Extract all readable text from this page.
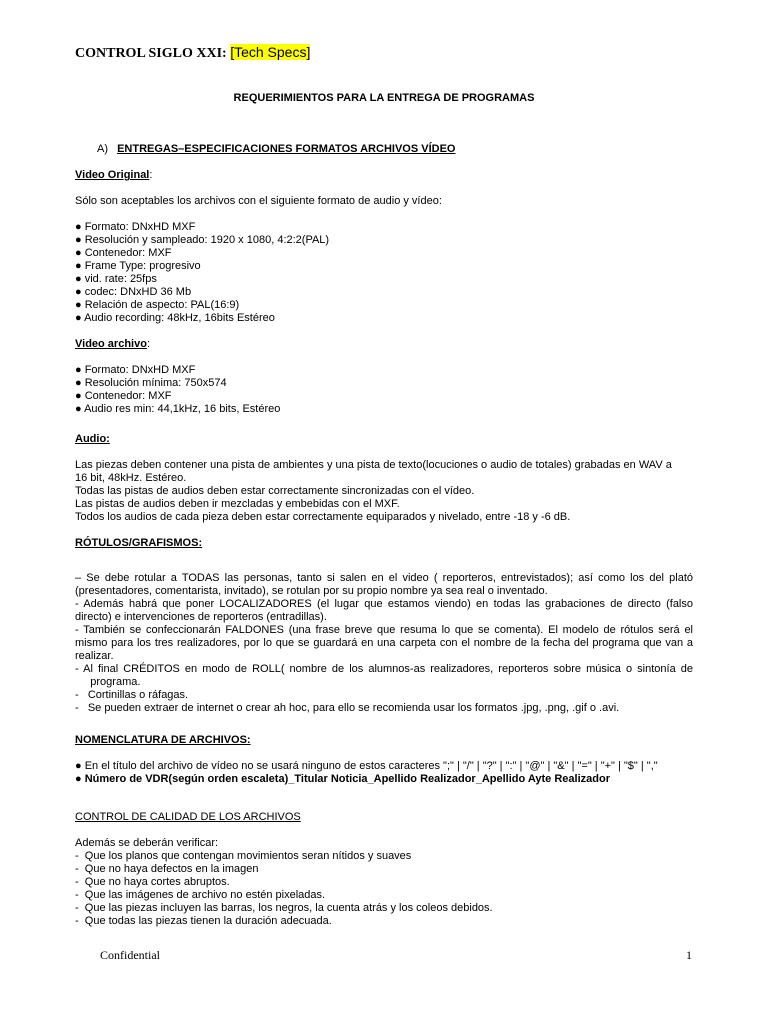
CONTROL SIGLO XXI: [Tech Specs]
REQUERIMIENTOS PARA LA ENTREGA DE PROGRAMAS
A) ENTREGAS–ESPECIFICACIONES FORMATOS ARCHIVOS VÍDEO
Video Original:
Sólo son aceptables los archivos con el siguiente formato de audio y vídeo:
● Formato: DNxHD MXF
● Resolución y sampleado: 1920 x 1080, 4:2:2(PAL)
● Contenedor: MXF
● Frame Type: progresivo
● vid. rate: 25fps
● codec: DNxHD 36 Mb
● Relación de aspecto: PAL(16:9)
● Audio recording: 48kHz, 16bits Estéreo
Video archivo:
● Formato: DNxHD MXF
● Resolución mínima: 750x574
● Contenedor: MXF
● Audio res min: 44,1kHz, 16 bits, Estéreo
Audio:
Las piezas deben contener una pista de ambientes y una pista de texto(locuciones o audio de totales) grabadas en WAV a
16 bit, 48kHz. Estéreo.
Todas las pistas de audios deben estar correctamente sincronizadas con el vídeo.
Las pistas de audios deben ir mezcladas y embebidas con el MXF.
Todos los audios de cada pieza deben estar correctamente equiparados y nivelado, entre -18 y -6 dB.
RÓTULOS/GRAFISMOS:
– Se debe rotular a TODAS las personas, tanto si salen en el video ( reporteros, entrevistados); así como los del plató
(presentadores, comentarista, invitado), se rotulan por su propio nombre ya sea real o inventado.
- Además habrá que poner LOCALIZADORES (el lugar que estamos viendo) en todas las grabaciones de directo (falso
directo) e intervenciones de reporteros (entradillas).
- También se confeccionarán FALDONES (una frase breve que resuma lo que se comenta). El modelo de rótulos será el
mismo para los tres realizadores, por lo que se guardará en una carpeta con el nombre de la fecha del programa que van a
realizar.
- Al final CRÉDITOS en modo de ROLL( nombre de los alumnos-as realizadores, reporteros sobre música o sintonía de
programa.
-   Cortinillas o ráfagas.
-   Se pueden extraer de internet o crear ah hoc, para ello se recomienda usar los formatos .jpg, .png, .gif o .avi.
NOMENCLATURA DE ARCHIVOS:
● En el título del archivo de vídeo no se usará ninguno de estos caracteres ";" | "/" | "?" | ":" | "@" | "&" | "=" | "+" | "$" | ","
● Número de VDR(según orden escaleta)_Titular Noticia_Apellido Realizador_Apellido Ayte Realizador
CONTROL DE CALIDAD DE LOS ARCHIVOS
Además se deberán verificar:
-  Que los planos que contengan movimientos seran nítidos y suaves
-  Que no haya defectos en la imagen
-  Que no haya cortes abruptos.
-  Que las imágenes de archivo no estén pixeladas.
-  Que las piezas incluyen las barras, los negros, la cuenta atrás y los coleos debidos.
-  Que todas las piezas tienen la duración adecuada.
Confidential	1
